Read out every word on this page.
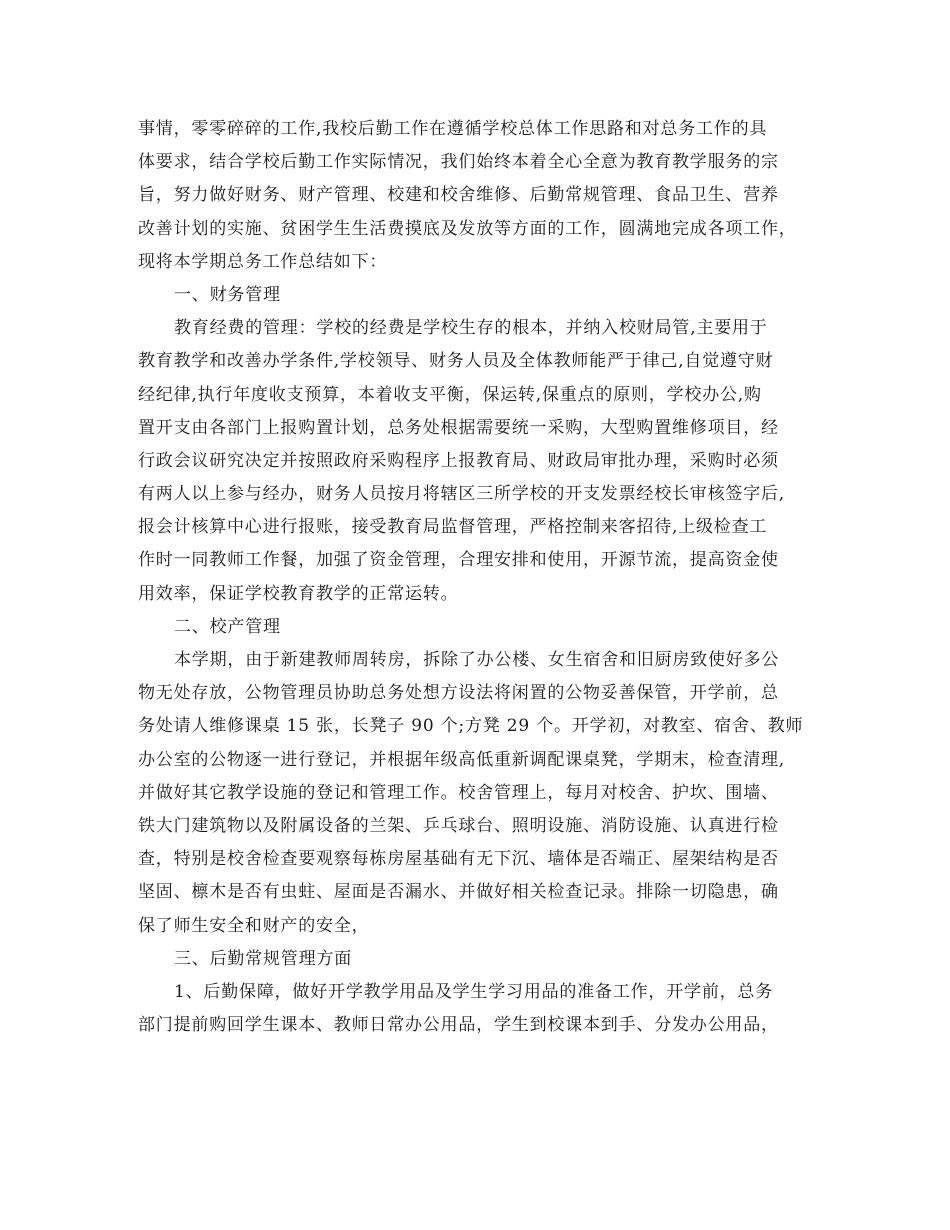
事情，零零碎碎的工作,我校后勤工作在遵循学校总体工作思路和对总务工作的具
体要求，结合学校后勤工作实际情况，我们始终本着全心全意为教育教学服务的宗
旨，努力做好财务、财产管理、校建和校舍维修、后勤常规管理、食品卫生、营养
改善计划的实施、贫困学生生活费摸底及发放等方面的工作，圆满地完成各项工作，
现将本学期总务工作总结如下：
一、财务管理
教育经费的管理：学校的经费是学校生存的根本，并纳入校财局管,主要用于
教育教学和改善办学条件,学校领导、财务人员及全体教师能严于律己,自觉遵守财
经纪律,执行年度收支预算，本着收支平衡，保运转,保重点的原则，学校办公,购
置开支由各部门上报购置计划，总务处根据需要统一采购，大型购置维修项目，经
行政会议研究决定并按照政府采购程序上报教育局、财政局审批办理，采购时必须
有两人以上参与经办，财务人员按月将辖区三所学校的开支发票经校长审核签字后,
报会计核算中心进行报账，接受教育局监督管理，严格控制来客招待,上级检查工
作时一同教师工作餐，加强了资金管理，合理安排和使用，开源节流，提高资金使
用效率，保证学校教育教学的正常运转。
二、校产管理
本学期，由于新建教师周转房，拆除了办公楼、女生宿舍和旧厨房致使好多公
物无处存放，公物管理员协助总务处想方设法将闲置的公物妥善保管，开学前，总
务处请人维修课桌 15 张，长凳子 90 个;方凳 29 个。开学初，对教室、宿舍、教师
办公室的公物逐一进行登记，并根据年级高低重新调配课桌凳，学期末，检查清理,
并做好其它教学设施的登记和管理工作。校舍管理上，每月对校舍、护坎、围墙、
铁大门建筑物以及附属设备的兰架、乒乓球台、照明设施、消防设施、认真进行检
查，特别是校舍检查要观察每栋房屋基础有无下沉、墙体是否端正、屋架结构是否
坚固、檩木是否有虫蛀、屋面是否漏水、并做好相关检查记录。排除一切隐患，确
保了师生安全和财产的安全，
三、后勤常规管理方面
1、后勤保障，做好开学教学用品及学生学习用品的准备工作，开学前，总务
部门提前购回学生课本、教师日常办公用品，学生到校课本到手、分发办公用品，
